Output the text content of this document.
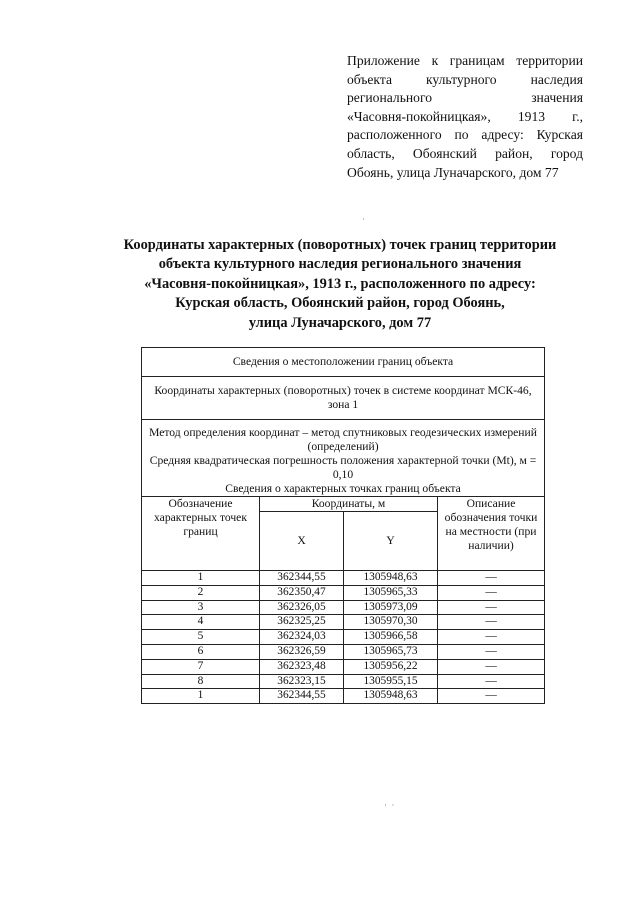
Приложение к границам территории
объекта культурного наследия
регионального значения
«Часовня-покойницкая», 1913 г.,
расположенного по адресу: Курская
область, Обоянский район, город
Обоянь, улица Луначарского, дом 77
Координаты характерных (поворотных) точек границ территории
объекта культурного наследия регионального значения
«Часовня-покойницкая», 1913 г., расположенного по адресу:
Курская область, Обоянский район, город Обоянь,
улица Луначарского, дом 77
Сведения о местоположении границ объекта			
Координаты характерных (поворотных) точек в системе координат МСК-46, зона 1			

Метод определения координат – метод спутниковых геодезических измерений (определений)
Средняя квадратическая погрешность положения характерной точки (Mt), м = 0,10
Сведения о характерных точках границ объекта			

Обозначение характерных точек границ	Координаты, м		Описание обозначения точки на местности (при наличии)
	X	Y	
1	362344,55	1305948,63	—
2	362350,47	1305965,33	—
3	362326,05	1305973,09	—
4	362325,25	1305970,30	—
5	362324,03	1305966,58	—
6	362326,59	1305965,73	—
7	362323,48	1305956,22	—
8	362323,15	1305955,15	—
1	362344,55	1305948,63	—
·
·  ·
